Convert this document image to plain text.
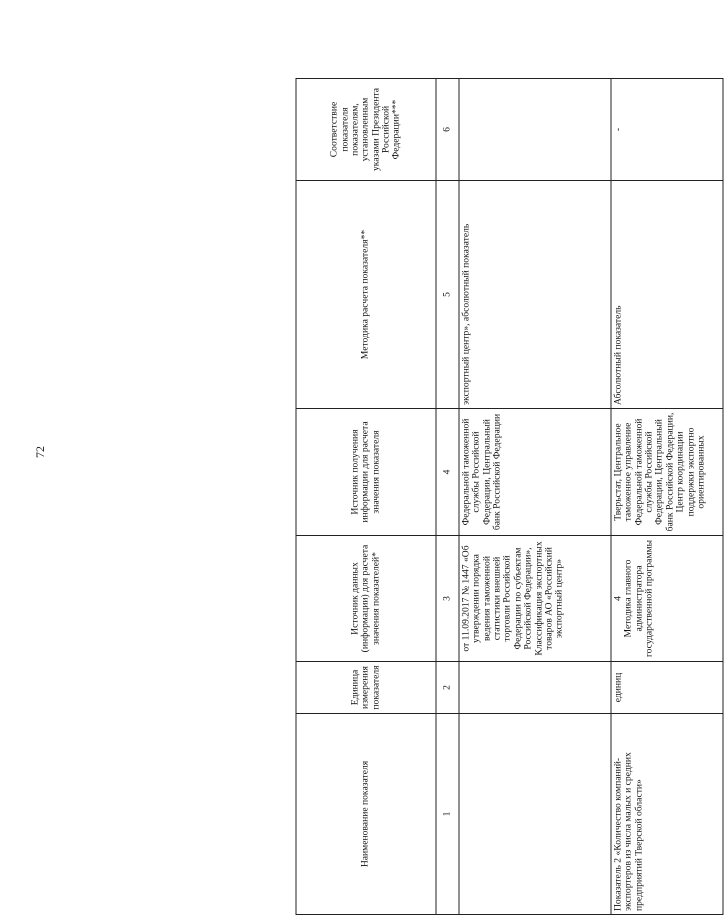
72
Наименование показателя	Единица измерения показателя	Источник данных (информации) для расчета значения показателей*	Источник получения информации для расчета значения показателя	Методика расчета показателя**	Соответствие показателя показателям, установленным указами Президента Российской Федерации***
1	2	3	4	5	6
		от 11.09.2017 № 1447 «Об утверждении порядка ведения таможенной статистики внешней торговли Российской Федерации по субъектам Российской Федерации», Классификация экспортных товаров АО «Российский экспортный центр»	Федеральной таможенной службы Российской Федерации, Центральный банк Российской Федерации	экспортный центр», абсолютный показатель	
Показатель 2 «Количество компаний-экспортеров из числа малых и средних предприятий Тверской области»	единиц	4 Методика главного администратора государственной программы	Тверьстат, Центральное таможенное управление Федеральной таможенной службы Российской Федерации, Центральный банк Российской Федерации, Центр координации поддержки экспортно ориентированных	Абсолютный показатель	-
